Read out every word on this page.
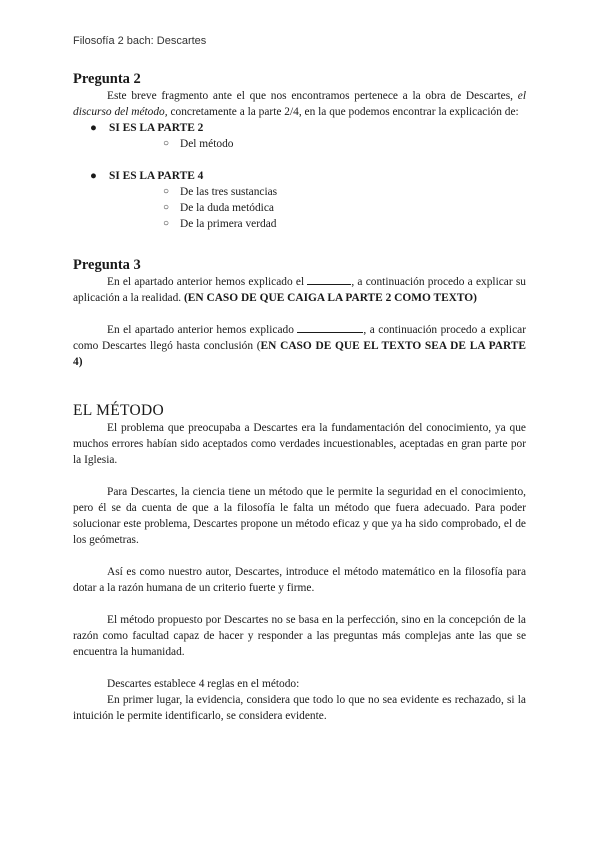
Filosofía 2 bach: Descartes
Pregunta 2

Este breve fragmento ante el que nos encontramos pertenece a la obra de Descartes, el discurso del método, concretamente a la parte 2/4, en la que podemos encontrar la explicación de:

● SI ES LA PARTE 2
○ Del método
● SI ES LA PARTE 4
○ De las tres sustancias
○ De la duda metódica
○ De la primera verdad
Pregunta 3

En el apartado anterior hemos explicado el	, a continuación procedo a explicar su aplicación a la realidad. (EN CASO DE QUE CAIGA LA PARTE 2 COMO TEXTO)

En el apartado anterior hemos explicado	, a continuación procedo a explicar como Descartes llegó hasta conclusión (EN CASO DE QUE EL TEXTO SEA DE LA PARTE 4)

EL MÉTODO

El problema que preocupaba a Descartes era la fundamentación del conocimiento, ya que muchos errores habían sido aceptados como verdades incuestionables, aceptadas en gran parte por la Iglesia.

Para Descartes, la ciencia tiene un método que le permite la seguridad en el conocimiento, pero él se da cuenta de que a la filosofía le falta un método que fuera adecuado. Para poder solucionar este problema, Descartes propone un método eficaz y que ya ha sido comprobado, el de los geómetras.

Así es como nuestro autor, Descartes, introduce el método matemático en la filosofía para dotar a la razón humana de un criterio fuerte y firme.

El método propuesto por Descartes no se basa en la perfección, sino en la concepción de la razón como facultad capaz de hacer y responder a las preguntas más complejas ante las que se encuentra la humanidad.

Descartes establece 4 reglas en el método:

En primer lugar, la evidencia, considera que todo lo que no sea evidente es rechazado, si la intuición le permite identificarlo, se considera evidente.
